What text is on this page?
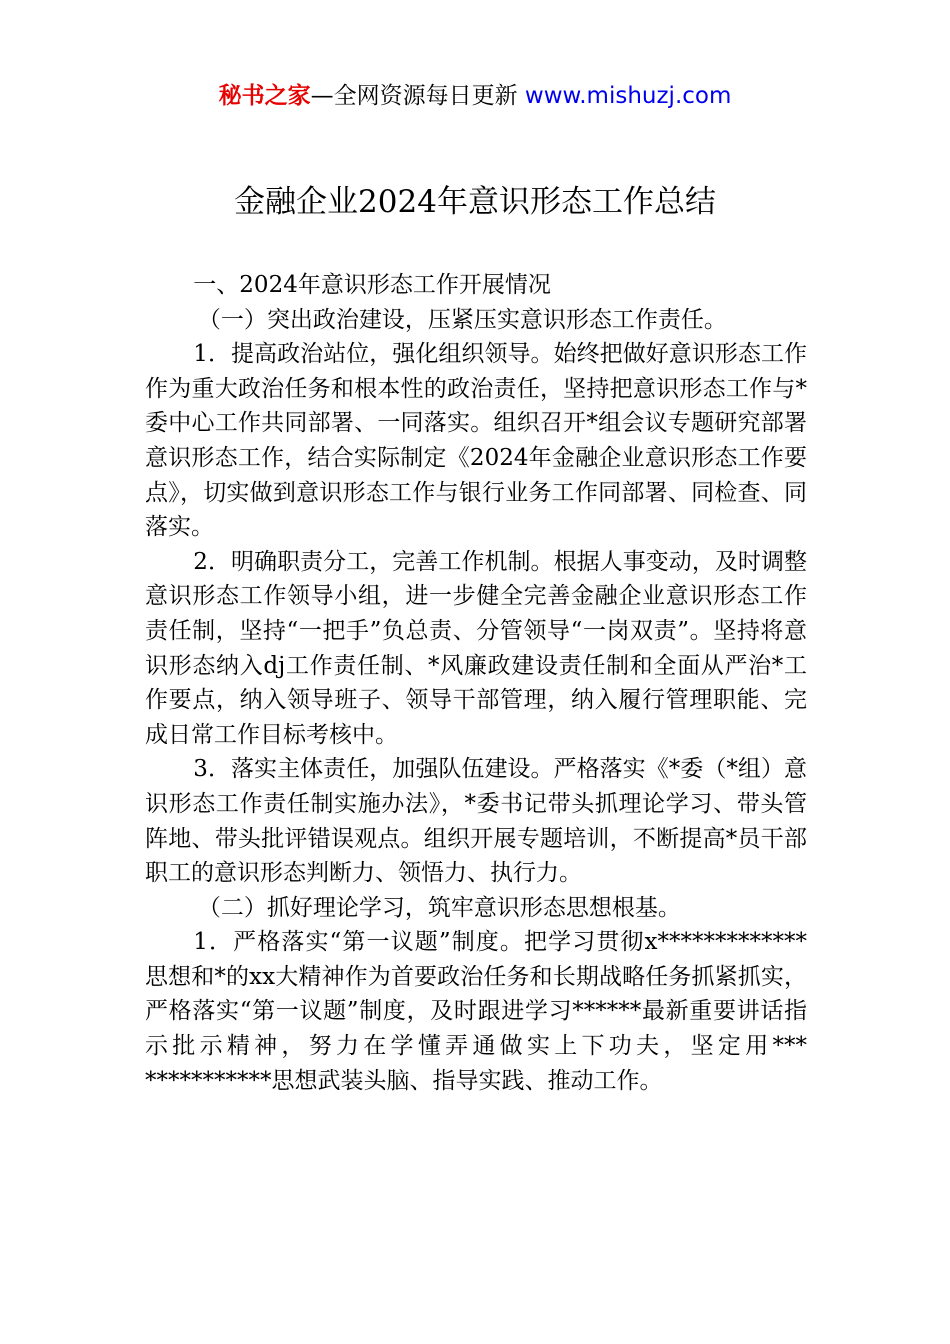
秘书之家—全网资源每日更新 www.mishuzj.com
金融企业2024年意识形态工作总结

一、2024年意识形态工作开展情况

（一）突出政治建设，压紧压实意识形态工作责任。

1．提高政治站位，强化组织领导。始终把做好意识形态工作作为重大政治任务和根本性的政治责任，坚持把意识形态工作与*委中心工作共同部署、一同落实。组织召开*组会议专题研究部署意识形态工作，结合实际制定《2024年金融企业意识形态工作要点》，切实做到意识形态工作与银行业务工作同部署、同检查、同落实。

2．明确职责分工，完善工作机制。根据人事变动，及时调整意识形态工作领导小组，进一步健全完善金融企业意识形态工作责任制，坚持“一把手”负总责、分管领导“一岗双责”。坚持将意识形态纳入dj工作责任制、*风廉政建设责任制和全面从严治*工作要点，纳入领导班子、领导干部管理，纳入履行管理职能、完成日常工作目标考核中。

3．落实主体责任，加强队伍建设。严格落实《*委（*组）意识形态工作责任制实施办法》，*委书记带头抓理论学习、带头管阵地、带头批评错误观点。组织开展专题培训，不断提高*员干部职工的意识形态判断力、领悟力、执行力。

（二）抓好理论学习，筑牢意识形态思想根基。

1．严格落实“第一议题”制度。把学习贯彻x*************思想和*的xx大精神作为首要政治任务和长期战略任务抓紧抓实，严格落实“第一议题”制度，及时跟进学习******最新重要讲话指示批示精神，努力在学懂弄通做实上下功夫，坚定用*** ***********思想武装头脑、指导实践、推动工作。
